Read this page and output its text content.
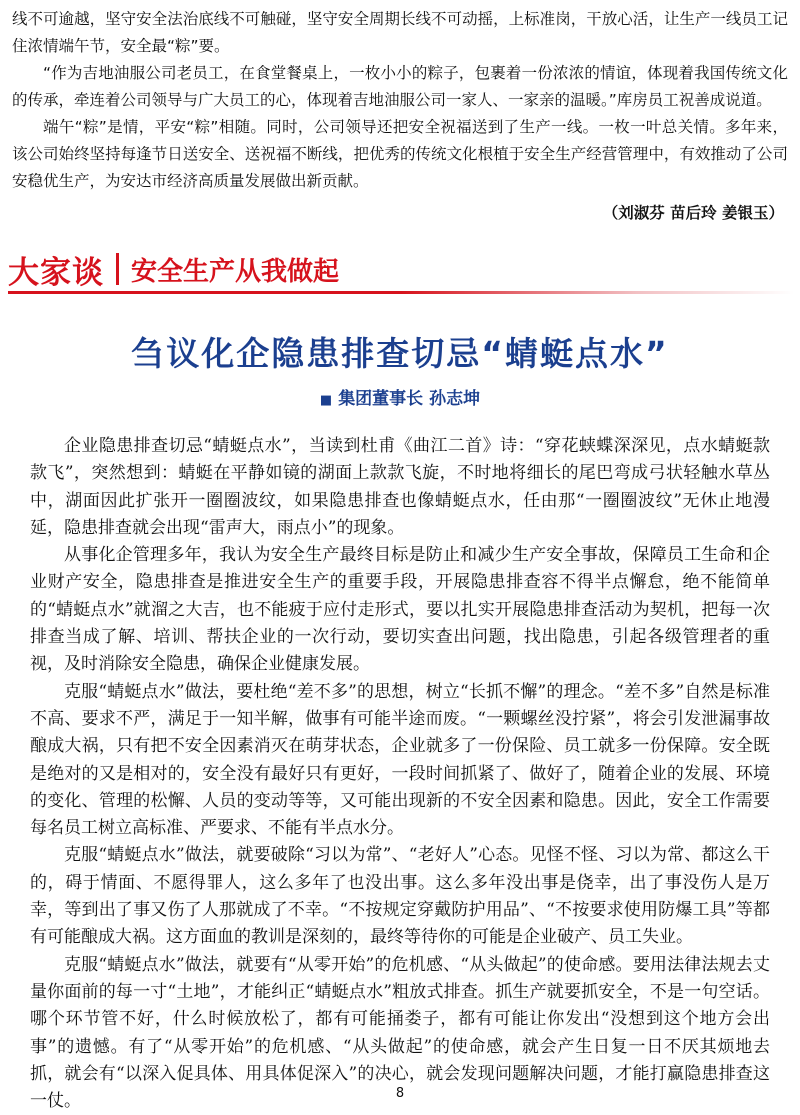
线不可逾越，坚守安全法治底线不可触碰，坚守安全周期长线不可动摇，上标准岗，干放心活，让生产一线员工记住浓情端午节，安全最“粽”要。

“作为吉地油服公司老员工，在食堂餐桌上，一枚小小的粽子，包裹着一份浓浓的情谊，体现着我国传统文化的传承，牵连着公司领导与广大员工的心，体现着吉地油服公司一家人、一家亲的温暖。”库房员工祝善成说道。

端午“粽”是情，平安“粽”相随。同时，公司领导还把安全祝福送到了生产一线。一枚一叶总关情。多年来，该公司始终坚持每逢节日送安全、送祝福不断线，把优秀的传统文化根植于安全生产经营管理中，有效推动了公司安稳优生产，为安达市经济高质量发展做出新贡献。

（刘淑芬 苗后玲 姜银玉）
大家谈 安全生产从我做起
刍议化企隐患排查切忌“蜻蜓点水”
■ 集团董事长 孙志坤

企业隐患排查切忌“蜻蜓点水”，当读到杜甫《曲江二首》诗：“穿花蛱蝶深深见，点水蜻蜓款款飞”，突然想到：蜻蜓在平静如镜的湖面上款款飞旋，不时地将细长的尾巴弯成弓状轻触水草丛中，湖面因此扩张开一圈圈波纹，如果隐患排查也像蜻蜓点水，任由那“一圈圈波纹”无休止地漫延，隐患排查就会出现“雷声大，雨点小”的现象。

从事化企管理多年，我认为安全生产最终目标是防止和减少生产安全事故，保障员工生命和企业财产安全，隐患排查是推进安全生产的重要手段，开展隐患排查容不得半点懈怠，绝不能简单的“蜻蜓点水”就溜之大吉，也不能疲于应付走形式，要以扎实开展隐患排查活动为契机，把每一次排查当成了解、培训、帮扶企业的一次行动，要切实查出问题，找出隐患，引起各级管理者的重视，及时消除安全隐患，确保企业健康发展。

克服“蜻蜓点水”做法，要杜绝“差不多”的思想，树立“长抓不懈”的理念。“差不多”自然是标准不高、要求不严，满足于一知半解，做事有可能半途而废。“一颗螺丝没拧紧”，将会引发泄漏事故酿成大祸，只有把不安全因素消灭在萌芽状态，企业就多了一份保险、员工就多一份保障。安全既是绝对的又是相对的，安全没有最好只有更好，一段时间抓紧了、做好了，随着企业的发展、环境的变化、管理的松懈、人员的变动等等，又可能出现新的不安全因素和隐患。因此，安全工作需要每名员工树立高标准、严要求、不能有半点水分。

克服“蜻蜓点水”做法，就要破除“习以为常”、“老好人”心态。见怪不怪、习以为常、都这么干的，碍于情面、不愿得罪人，这么多年了也没出事。这么多年没出事是侥幸，出了事没伤人是万幸，等到出了事又伤了人那就成了不幸。“不按规定穿戴防护用品”、“不按要求使用防爆工具”等都有可能酿成大祸。这方面血的教训是深刻的，最终等待你的可能是企业破产、员工失业。

克服“蜻蜓点水”做法，就要有“从零开始”的危机感、“从头做起”的使命感。要用法律法规去丈量你面前的每一寸“土地”，才能纠正“蜻蜓点水”粗放式排查。抓生产就要抓安全，不是一句空话。哪个环节管不好，什么时候放松了，都有可能捅娄子，都有可能让你发出“没想到这个地方会出事”的遗憾。有了“从零开始”的危机感、“从头做起”的使命感，就会产生日复一日不厌其烦地去抓，就会有“以深入促具体、用具体促深入”的决心，就会发现问题解决问题，才能打赢隐患排查这一仗。	8
